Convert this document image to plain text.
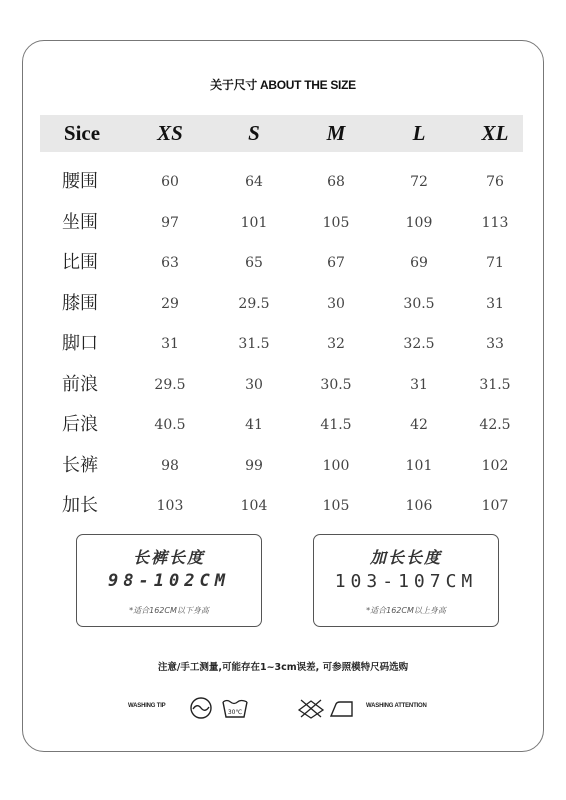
关于尺寸 ABOUT THE SIZE
Sice	XS	S	M	L	XL
腰围	60	64	68	72	76
坐围	97	101	105	109	113
比围	63	65	67	69	71
膝围	29	29.5	30	30.5	31
脚口	31	31.5	32	32.5	33
前浪	29.5	30	30.5	31	31.5
后浪	40.5	41	41.5	42	42.5
长裤	98	99	100	101	102
加长	103	104	105	106	107
长裤长度
98-102CM
*适合162CM以下身高
加长长度
103-107CM
*适合162CM以上身高
注意/手工测量,可能存在1~3cm误差, 可参照模特尺码选购
WASHING TIP
30℃
WASHING ATTENTION
